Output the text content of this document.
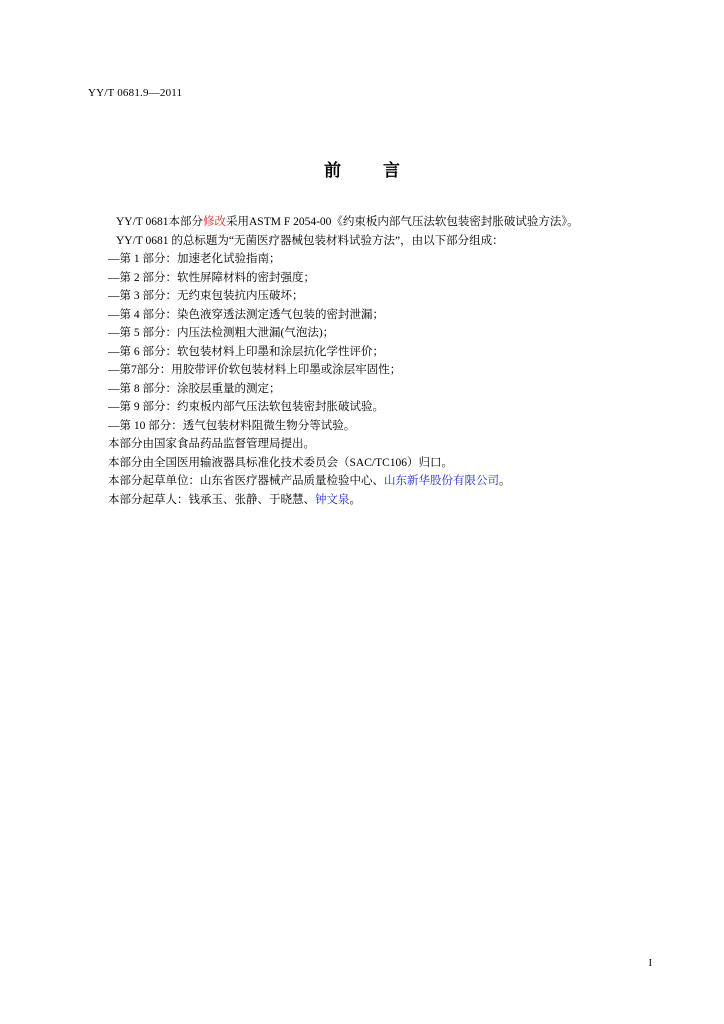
YY/T 0681.9—2011
前言
YY/T 0681本部分修改采用ASTM F 2054-00《约束板内部气压法软包装密封胀破试验方法》。
YY/T 0681 的总标题为“无菌医疗器械包装材料试验方法”，由以下部分组成：
—第 1 部分：加速老化试验指南；
—第 2 部分：软性屏障材料的密封强度；
—第 3 部分：无约束包装抗内压破坏；
—第 4 部分：染色液穿透法测定透气包装的密封泄漏；
—第 5 部分：内压法检测粗大泄漏(气泡法)；
—第 6 部分：软包装材料上印墨和涂层抗化学性评价；
—第7部分：用胶带评价软包装材料上印墨或涂层牢固性；
—第 8 部分：涂胶层重量的测定；
—第 9 部分：约束板内部气压法软包装密封胀破试验。
—第 10 部分：透气包装材料阻微生物分等试验。
本部分由国家食品药品监督管理局提出。
本部分由全国医用输液器具标准化技术委员会（SAC/TC106）归口。
本部分起草单位：山东省医疗器械产品质量检验中心、山东新华股份有限公司。
本部分起草人：钱承玉、张静、于晓慧、钟文泉。
I
